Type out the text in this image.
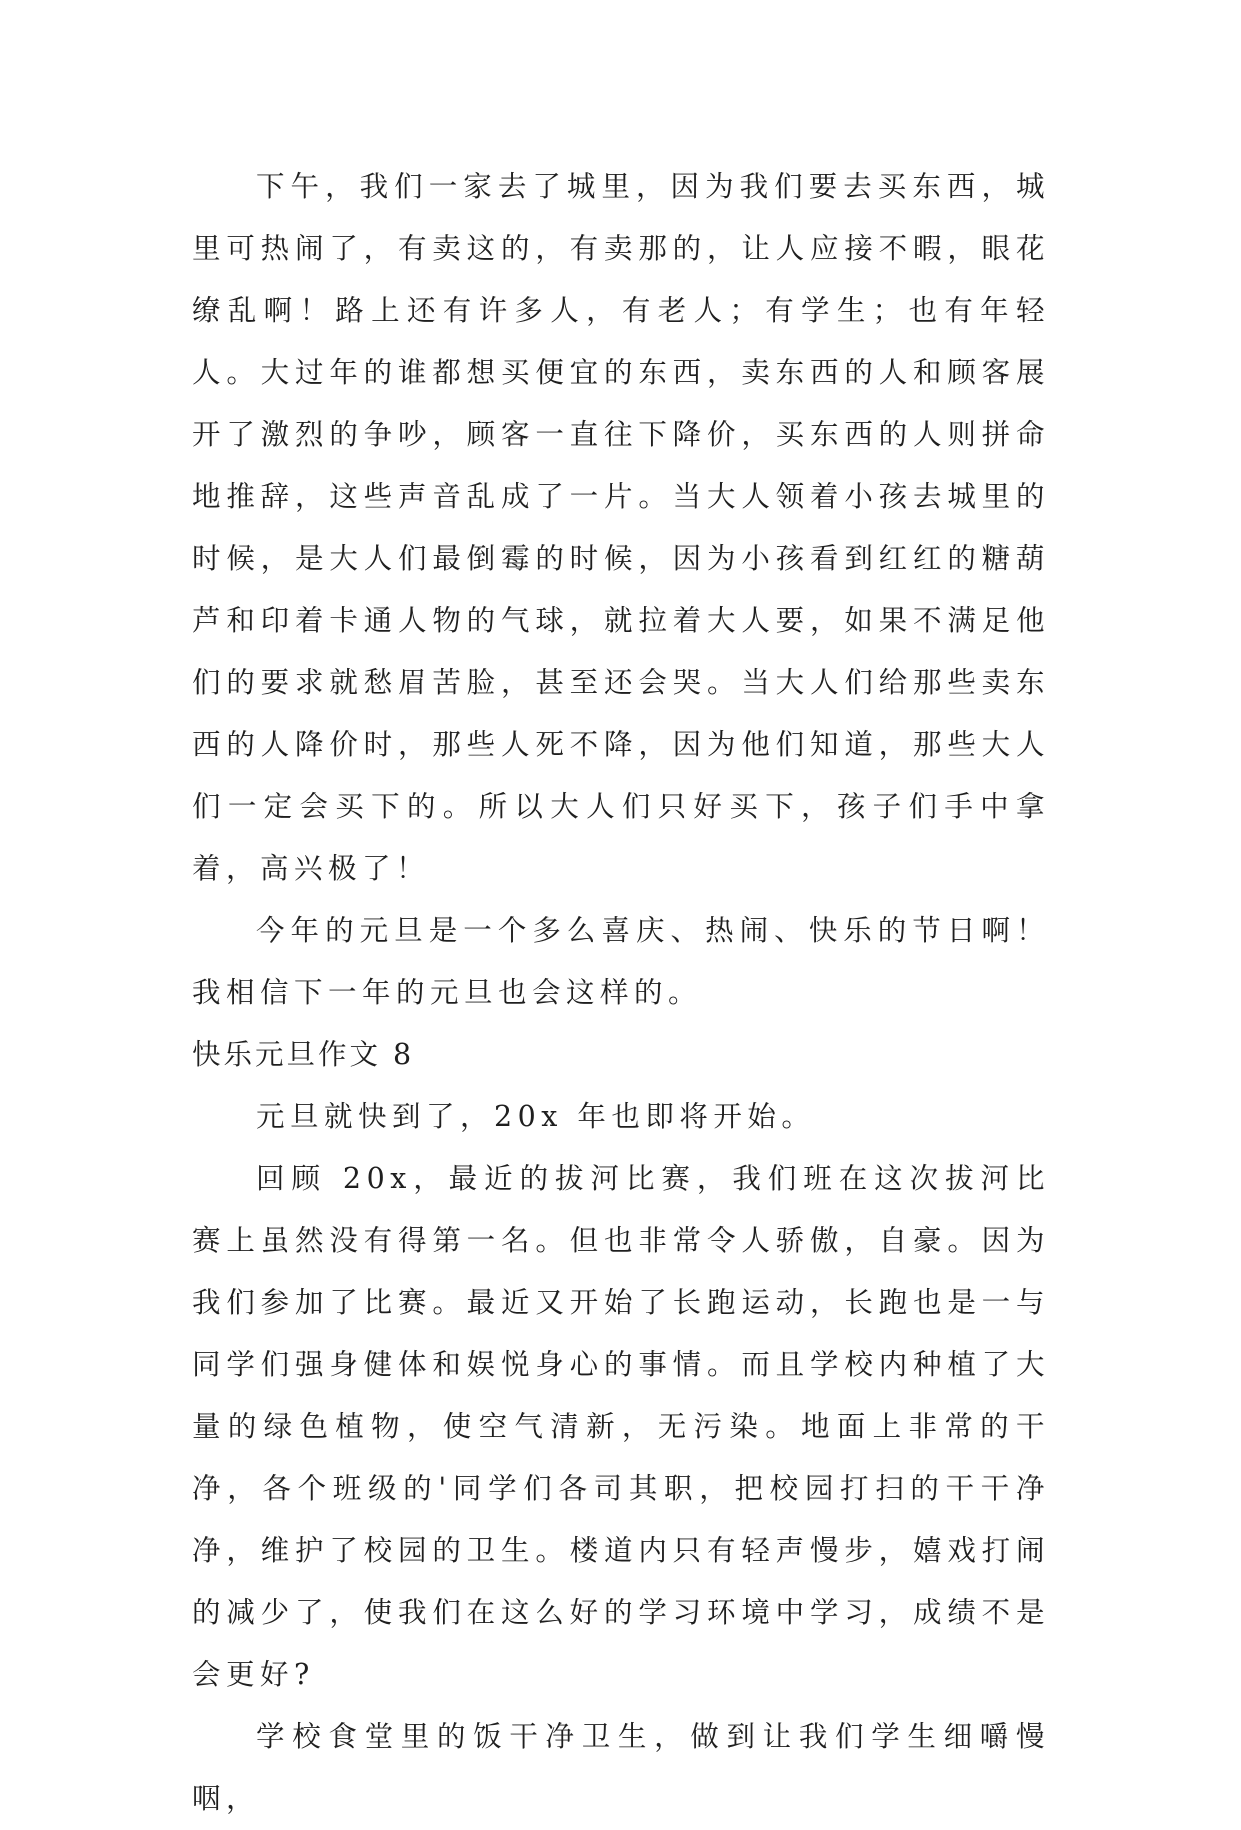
下午，我们一家去了城里，因为我们要去买东西，城里可热闹了，有卖这的，有卖那的，让人应接不暇，眼花缭乱啊！路上还有许多人，有老人；有学生；也有年轻人。大过年的谁都想买便宜的东西，卖东西的人和顾客展开了激烈的争吵，顾客一直往下降价，买东西的人则拼命地推辞，这些声音乱成了一片。当大人领着小孩去城里的时候，是大人们最倒霉的时候，因为小孩看到红红的糖葫芦和印着卡通人物的气球，就拉着大人要，如果不满足他们的要求就愁眉苦脸，甚至还会哭。当大人们给那些卖东西的人降价时，那些人死不降，因为他们知道，那些大人们一定会买下的。所以大人们只好买下，孩子们手中拿着，高兴极了！

今年的元旦是一个多么喜庆、热闹、快乐的节日啊！我相信下一年的元旦也会这样的。

快乐元旦作文 8

元旦就快到了，20x 年也即将开始。

回顾 20x，最近的拔河比赛，我们班在这次拔河比赛上虽然没有得第一名。但也非常令人骄傲，自豪。因为我们参加了比赛。最近又开始了长跑运动，长跑也是一与同学们强身健体和娱悦身心的事情。而且学校内种植了大量的绿色植物，使空气清新，无污染。地面上非常的干净，各个班级的'同学们各司其职，把校园打扫的干干净净，维护了校园的卫生。楼道内只有轻声慢步，嬉戏打闹的减少了，使我们在这么好的学习环境中学习，成绩不是会更好?

学校食堂里的饭干净卫生，做到让我们学生细嚼慢咽，
